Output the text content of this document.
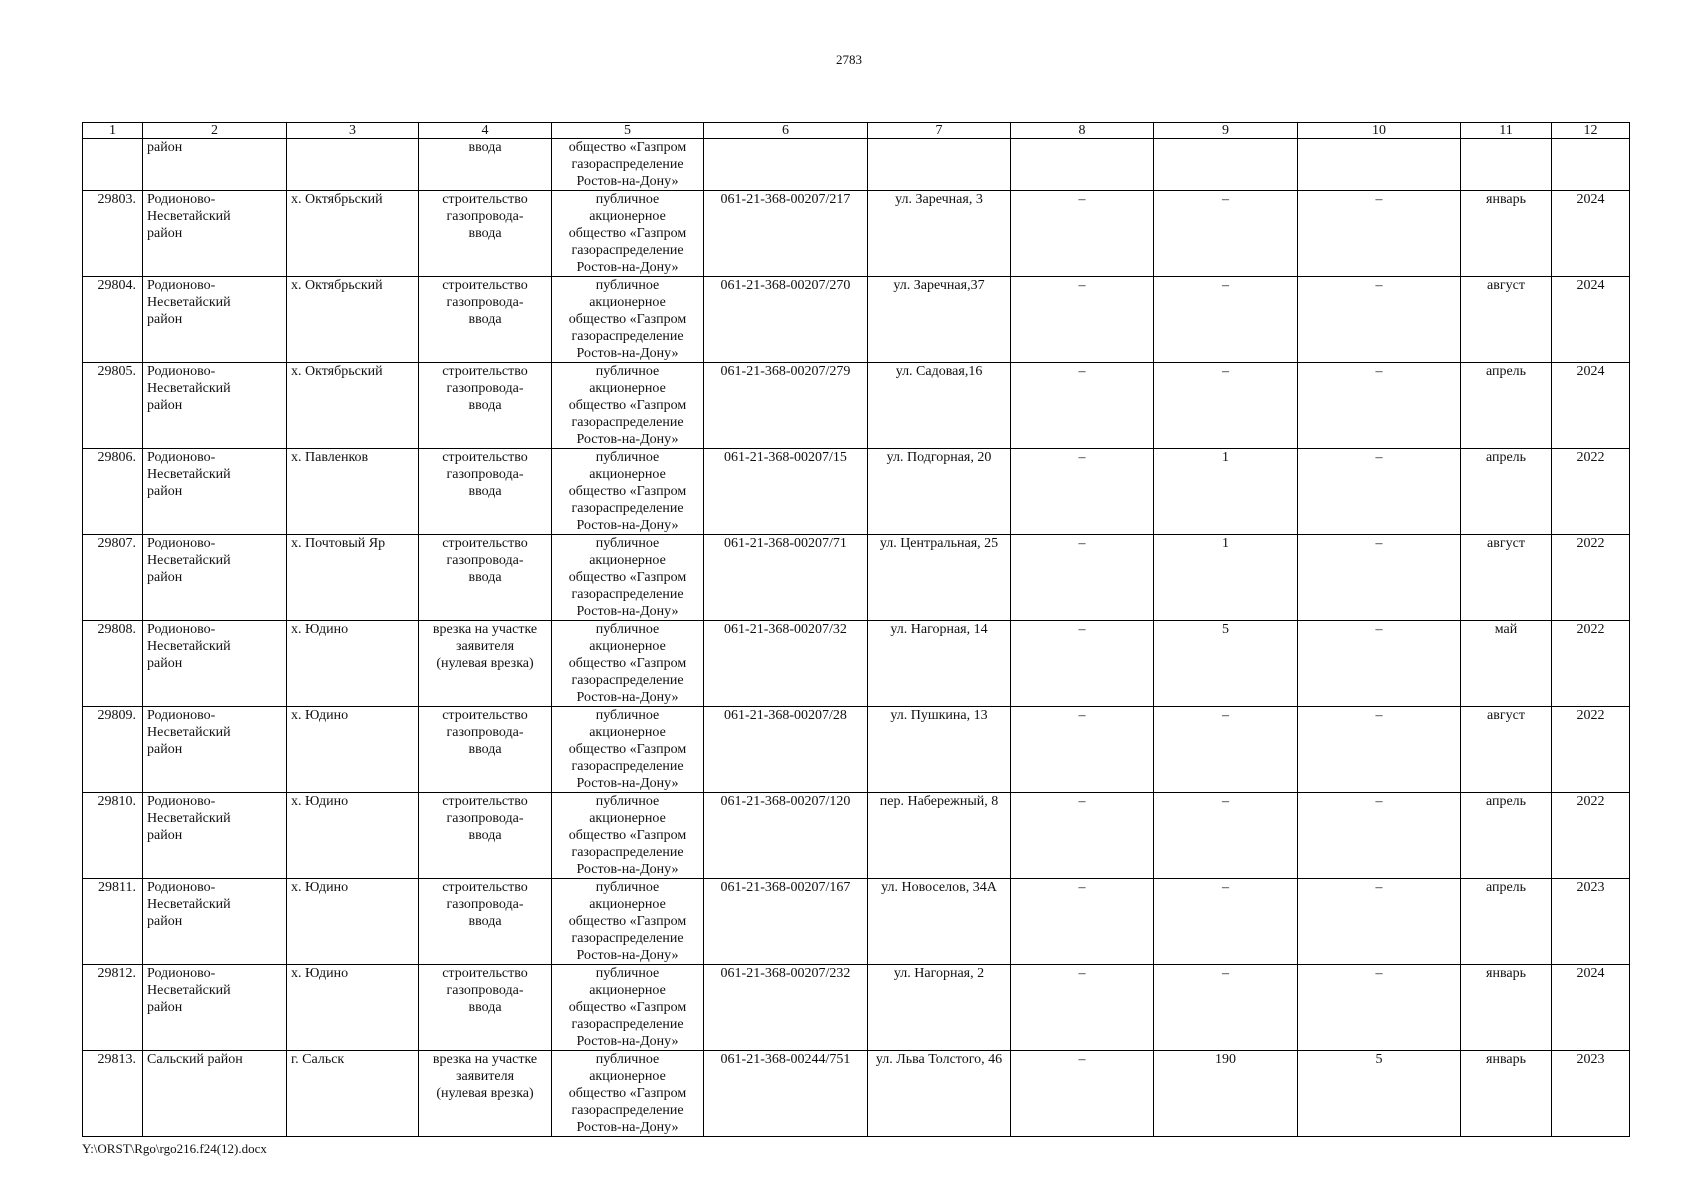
2783
1	2	3	4	5	6	7	8	9	10	11	12
	район		ввода	общество «Газпром
газораспределение
Ростов-на-Дону»							
29803.	Родионово-
Несветайский
район	х. Октябрьский	строительство
газопровода-
ввода	публичное
акционерное
общество «Газпром
газораспределение
Ростов-на-Дону»	061-21-368-00207/217	ул. Заречная, 3	–	–	–	январь	2024
29804.	Родионово-
Несветайский
район	х. Октябрьский	строительство
газопровода-
ввода	публичное
акционерное
общество «Газпром
газораспределение
Ростов-на-Дону»	061-21-368-00207/270	ул. Заречная,37	–	–	–	август	2024
29805.	Родионово-
Несветайский
район	х. Октябрьский	строительство
газопровода-
ввода	публичное
акционерное
общество «Газпром
газораспределение
Ростов-на-Дону»	061-21-368-00207/279	ул. Садовая,16	–	–	–	апрель	2024
29806.	Родионово-
Несветайский
район	х. Павленков	строительство
газопровода-
ввода	публичное
акционерное
общество «Газпром
газораспределение
Ростов-на-Дону»	061-21-368-00207/15	ул. Подгорная, 20	–	1	–	апрель	2022
29807.	Родионово-
Несветайский
район	х. Почтовый Яр	строительство
газопровода-
ввода	публичное
акционерное
общество «Газпром
газораспределение
Ростов-на-Дону»	061-21-368-00207/71	ул. Центральная, 25	–	1	–	август	2022
29808.	Родионово-
Несветайский
район	х. Юдино	врезка на участке
заявителя
(нулевая врезка)	публичное
акционерное
общество «Газпром
газораспределение
Ростов-на-Дону»	061-21-368-00207/32	ул. Нагорная, 14	–	5	–	май	2022
29809.	Родионово-
Несветайский
район	х. Юдино	строительство
газопровода-
ввода	публичное
акционерное
общество «Газпром
газораспределение
Ростов-на-Дону»	061-21-368-00207/28	ул. Пушкина, 13	–	–	–	август	2022
29810.	Родионово-
Несветайский
район	х. Юдино	строительство
газопровода-
ввода	публичное
акционерное
общество «Газпром
газораспределение
Ростов-на-Дону»	061-21-368-00207/120	пер. Набережный, 8	–	–	–	апрель	2022
29811.	Родионово-
Несветайский
район	х. Юдино	строительство
газопровода-
ввода	публичное
акционерное
общество «Газпром
газораспределение
Ростов-на-Дону»	061-21-368-00207/167	ул. Новоселов, 34А	–	–	–	апрель	2023
29812.	Родионово-
Несветайский
район	х. Юдино	строительство
газопровода-
ввода	публичное
акционерное
общество «Газпром
газораспределение
Ростов-на-Дону»	061-21-368-00207/232	ул. Нагорная, 2	–	–	–	январь	2024
29813.	Сальский район	г. Сальск	врезка на участке
заявителя
(нулевая врезка)	публичное
акционерное
общество «Газпром
газораспределение
Ростов-на-Дону»	061-21-368-00244/751	ул. Льва Толстого, 46	–	190	5	январь	2023
Y:\ORST\Rgo\rgo216.f24(12).docx
